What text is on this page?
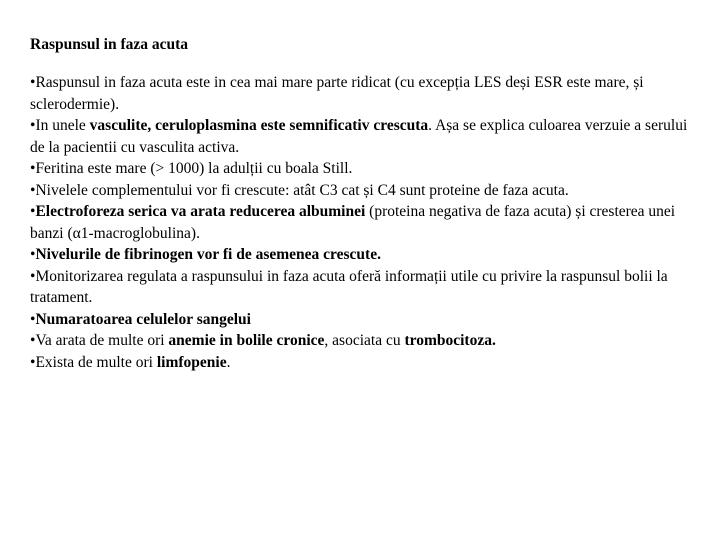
Raspunsul in faza acuta
•Raspunsul in faza acuta este in cea mai mare parte ridicat (cu excepția LES deși ESR este mare, și sclerodermie).
•In unele vasculite, ceruloplasmina este semnificativ crescuta. Așa se explica culoarea verzuie a serului de la pacientii cu vasculita activa.
•Feritina este mare (> 1000) la adulții cu boala Still.
•Nivelele complementului vor fi crescute: atât C3 cat și C4 sunt proteine de faza acuta.
•Electroforeza serica va arata reducerea albuminei (proteina negativa de faza acuta) și cresterea unei banzi (α1-macroglobulina).
•Nivelurile de fibrinogen vor fi de asemenea crescute.
•Monitorizarea regulata a raspunsului in faza acuta oferă informații utile cu privire la raspunsul bolii la tratament.
•Numaratoarea celulelor sangelui
•Va arata de multe ori anemie in bolile cronice, asociata cu trombocitoza.
•Exista de multe ori limfopenie.
